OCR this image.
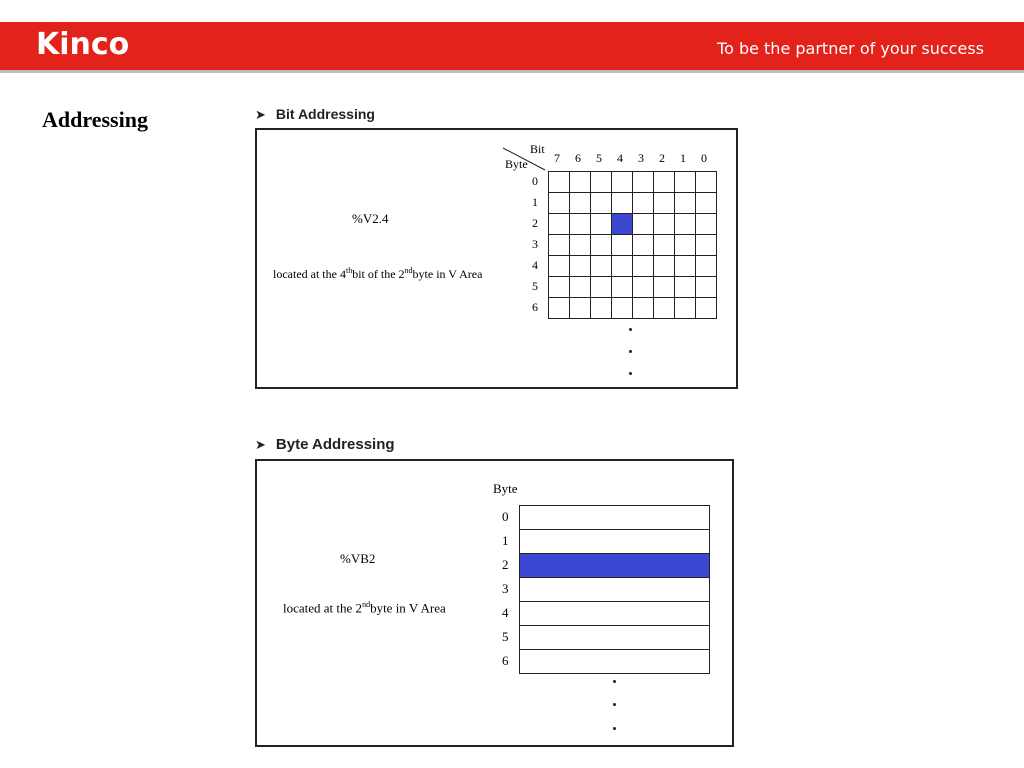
Kinco	To be the partner of your success
Addressing	➤ Bit Addressing
%V2.4
located at the 4thbit of the 2ndbyte in V Area
Bit
Byte 7 6 5 4 3 2 1 0
0
1
2
3
4
5
6
➤ Byte Addressing
%VB2
located at the 2ndbyte in V Area
Byte
0
1
2
3
4
5
6
